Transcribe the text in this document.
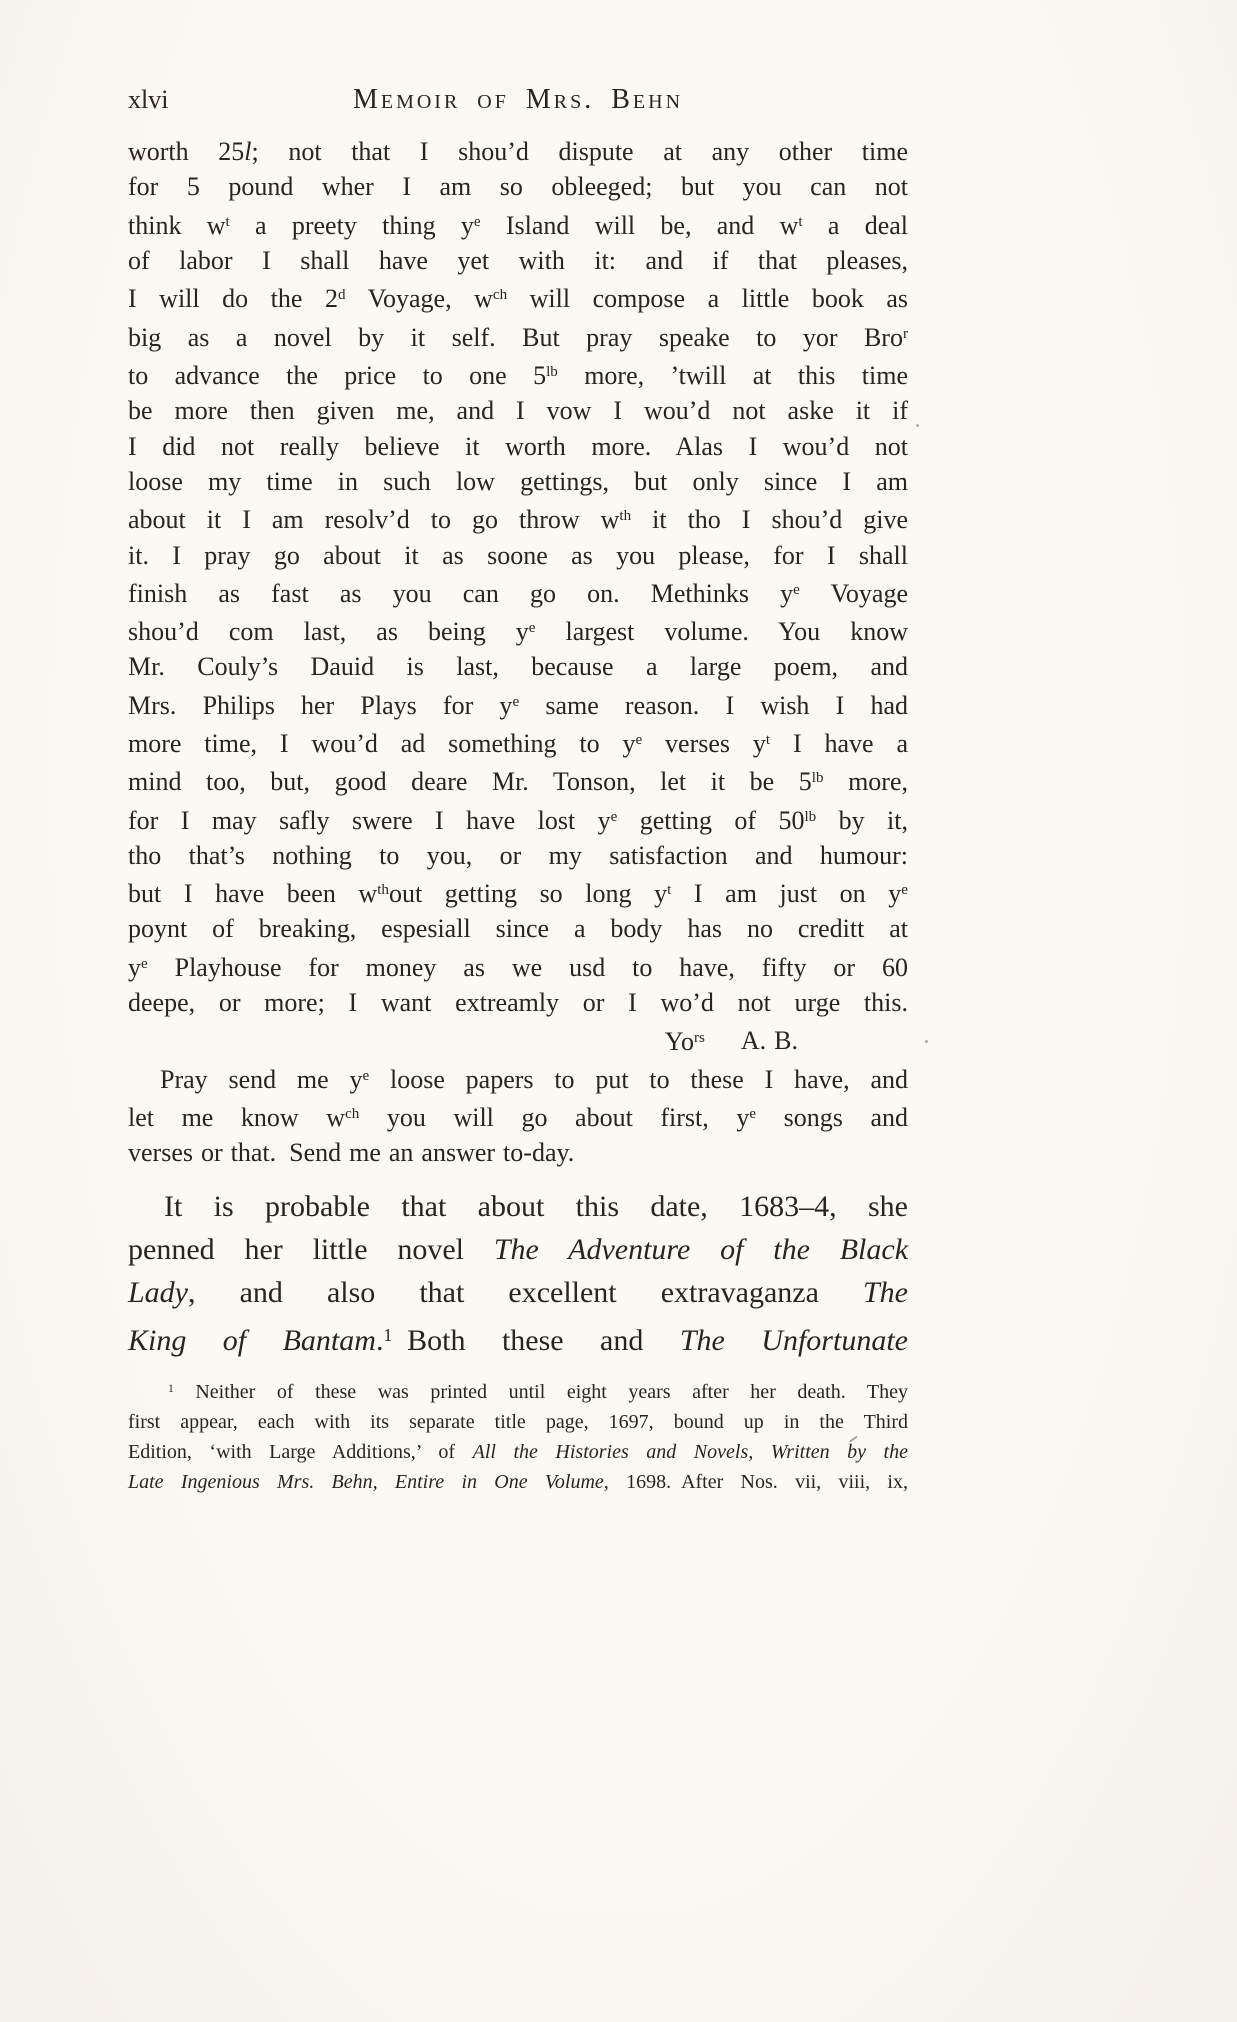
xlvi	Memoir of Mrs. Behn
worth 25l; not that I shou’d dispute at any other time
for 5 pound wher I am so obleeged; but you can not
think $w^t$ a preety thing $y^e$ Island will be, and $w^t$ a deal
of labor I shall have yet with it: and if that pleases,
I will do the 2$^d$ Voyage, $w^{ch}$ will compose a little book as
big as a novel by it self. But pray speake to yor Bro$^r$
to advance the price to one $5^{lb}$ more, ’twill at this time
be more then given me, and I vow I wou’d not aske it if
I did not really believe it worth more. Alas I wou’d not
loose my time in such low gettings, but only since I am
about it I am resolv’d to go throw $w^{th}$ it tho I shou’d give
it. I pray go about it as soone as you please, for I shall
finish as fast as you can go on. Methinks $y^e$ Voyage
shou’d com last, as being $y^e$ largest volume. You know
Mr. Couly’s Dauid is last, because a large poem, and
Mrs. Philips her Plays for $y^e$ same reason. I wish I had
more time, I wou’d ad something to $y^e$ verses $y^t$ I have a
mind too, but, good deare Mr. Tonson, let it be $5^{lb}$ more,
for I may safly swere I have lost $y^e$ getting of $50^{lb}$ by it,
tho that’s nothing to you, or my satisfaction and humour:
but I have been $w^{th}out$ getting so long $y^t$ I am just on $y^e$
poynt of breaking, espesiall since a body has no creditt at
$y^e$ Playhouse for money as we usd to have, fifty or 60
deepe, or more; I want extreamly or I wo’d not urge this.
$Yo^{rs}$ A. B.
Pray send me $y^e$ loose papers to put to these I have, and
let me know $w^{ch}$ you will go about first, $y^e$ songs and
verses or that. Send me an answer to-day.
It is probable that about this date, 1683–4, she
penned her little novel The Adventure of the Black
Lady, and also that excellent extravaganza The
King of Bantam.$^1$ Both these and The Unfortunate
$^1$ Neither of these was printed until eight years after her death. They
first appear, each with its separate title page, 1697, bound up in the Third
Edition, ‘with Large Additions,’ of All the Histories and Novels, Written by the
Late Ingenious Mrs. Behn, Entire in One Volume, 1698. After Nos. vii, viii, ix,
